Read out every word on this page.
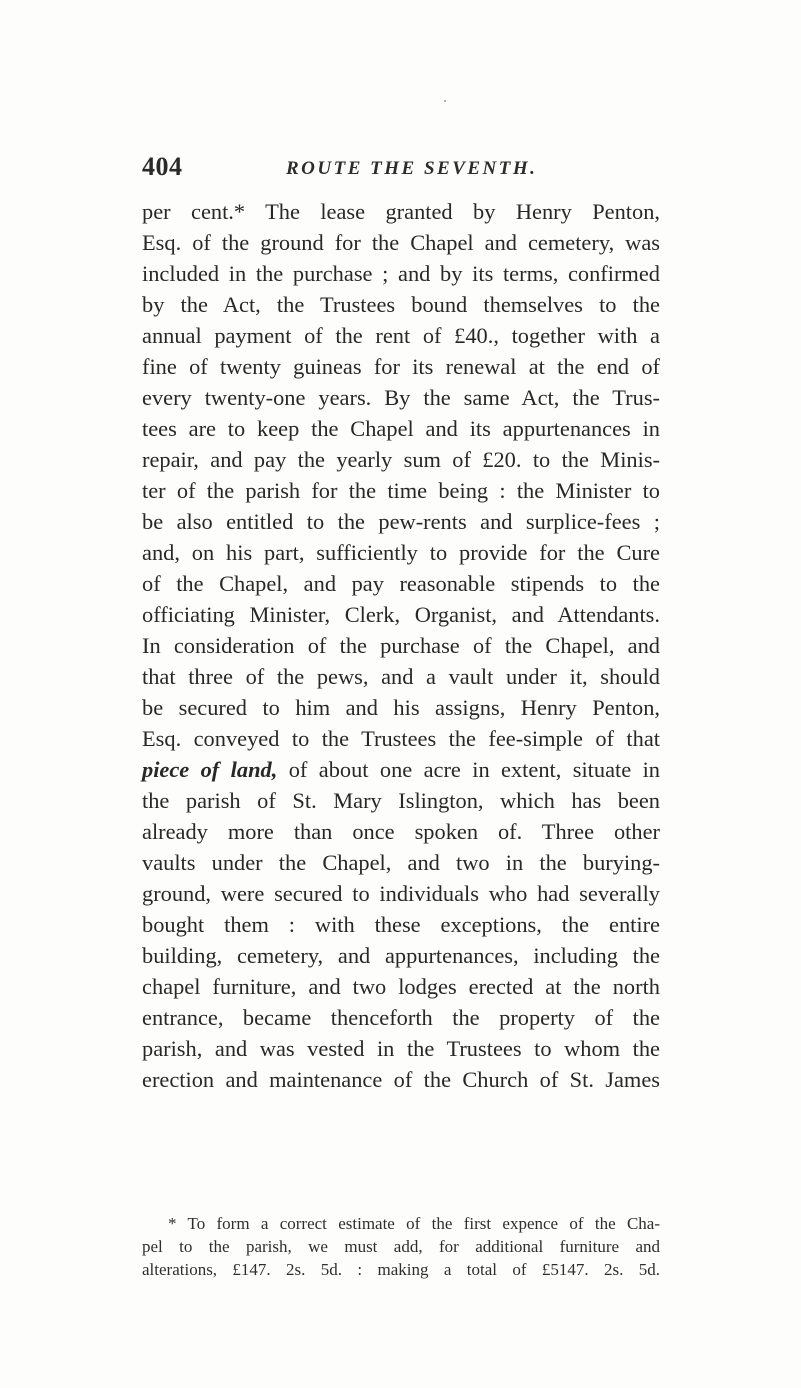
404	ROUTE THE SEVENTH.
per cent.* The lease granted by Henry Penton,
Esq. of the ground for the Chapel and cemetery, was
included in the purchase ; and by its terms, confirmed
by the Act, the Trustees bound themselves to the
annual payment of the rent of £40., together with a
fine of twenty guineas for its renewal at the end of
every twenty-one years. By the same Act, the Trus-
tees are to keep the Chapel and its appurtenances in
repair, and pay the yearly sum of £20. to the Minis-
ter of the parish for the time being : the Minister to
be also entitled to the pew-rents and surplice-fees ;
and, on his part, sufficiently to provide for the Cure
of the Chapel, and pay reasonable stipends to the
officiating Minister, Clerk, Organist, and Attendants.
In consideration of the purchase of the Chapel, and
that three of the pews, and a vault under it, should
be secured to him and his assigns, Henry Penton,
Esq. conveyed to the Trustees the fee-simple of that
piece of land, of about one acre in extent, situate in
the parish of St. Mary Islington, which has been
already more than once spoken of. Three other
vaults under the Chapel, and two in the burying-
ground, were secured to individuals who had severally
bought them : with these exceptions, the entire
building, cemetery, and appurtenances, including the
chapel furniture, and two lodges erected at the north
entrance, became thenceforth the property of the
parish, and was vested in the Trustees to whom the
erection and maintenance of the Church of St. James
* To form a correct estimate of the first expence of the Cha-
pel to the parish, we must add, for additional furniture and
alterations, £147. 2s. 5d. : making a total of £5147. 2s. 5d.
